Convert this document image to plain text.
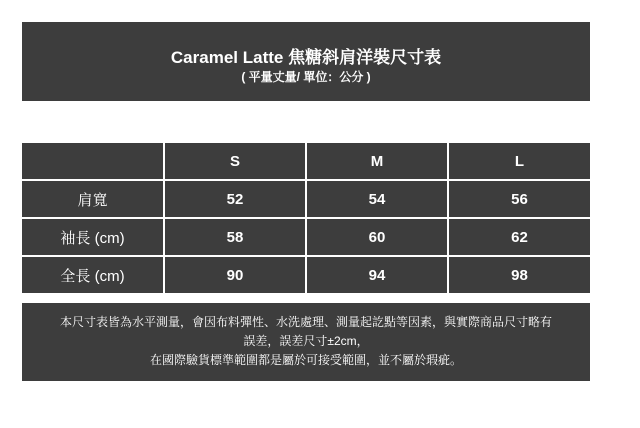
Caramel Latte 焦糖斜肩洋裝尺寸表
( 平量丈量/ 單位：公分 )
	S	M	L
肩寬	52	54	56
袖長 (cm)	58	60	62
全長 (cm)	90	94	98
本尺寸表皆為水平測量，會因布料彈性、水洗處理、測量起訖點等因素，與實際商品尺寸略有
誤差，誤差尺寸±2cm，
在國際驗貨標準範圍都是屬於可接受範圍，並不屬於瑕疵。
